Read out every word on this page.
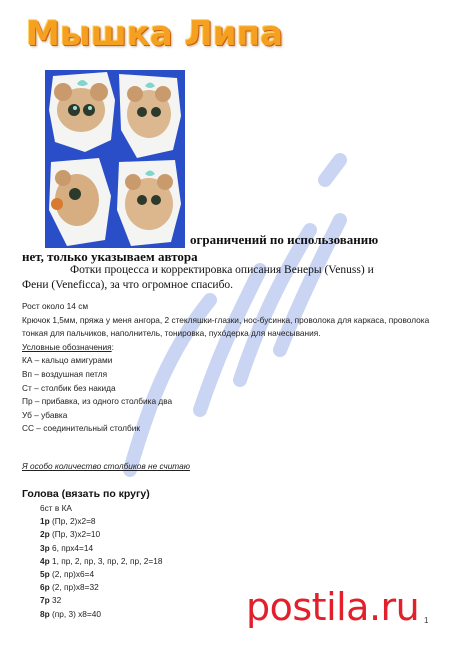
Мышка Липа
ограничений по использованию
нет, только указываем автора
Фотки процесса и корректировка описания Венеры (Venuss) и
Фени (Venefіcca), за что огромное спасибо.

Рост около 14 см

Крючок 1,5мм, пряжа у меня ангора, 2 стекляшки-глазки, нос-бусинка, проволока для каркаса, проволока тонкая для пальчиков, наполнитель, тонировка, пухóдерка для начесывания.

Условные обозначения:

КА – кальцо амигурами

Вп – воздушная петля

Ст – столбик без накида

Пр – прибавка, из одного столбика два

Уб – убавка

СС – соединительный столбик

Я особо количество столбиков не считаю
Голова (вязать по кругу)
6ст в КА
1р (Пр, 2)х2=8
2р (Пр, 3)х2=10
3р 6, прх4=14
4р 1, пр, 2, пр, 3, пр, 2, пр, 2=18
5р (2, пр)х6=4
6р (2, пр)х8=32
7р 32
8р (пр, 3) х8=40	postila.ru 1
